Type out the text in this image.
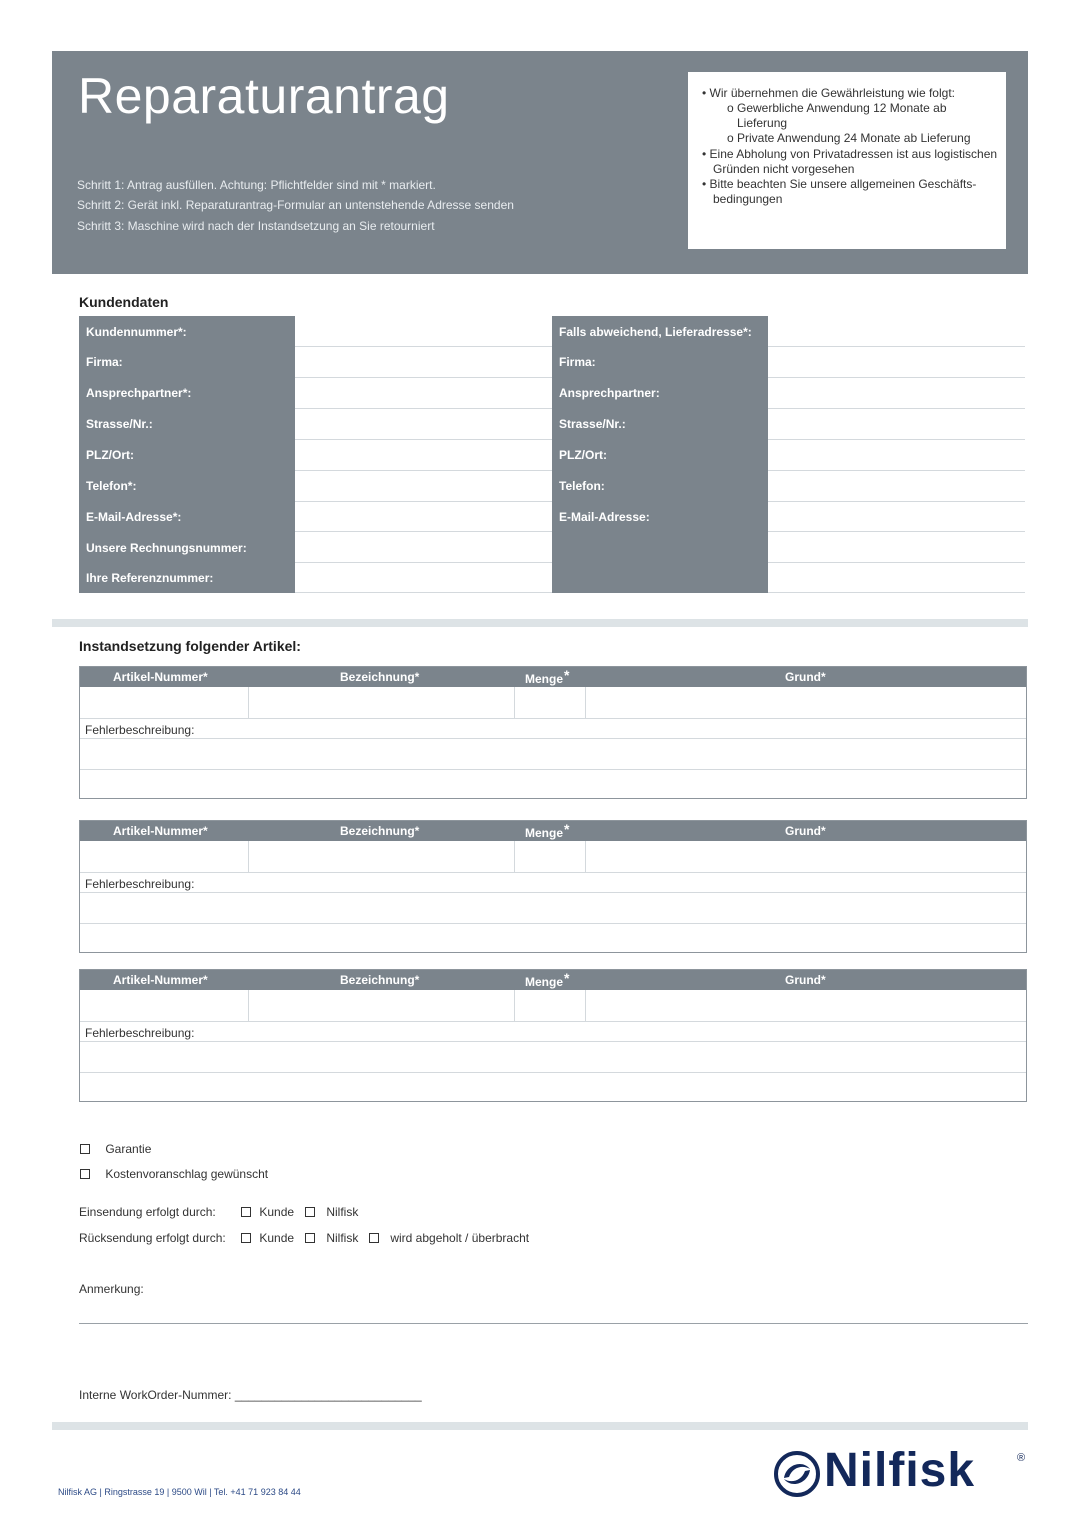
Reparaturantrag
Schritt 1: Antrag ausfüllen. Achtung: Pflichtfelder sind mit * markiert.
Schritt 2: Gerät inkl. Reparaturantrag-Formular an untenstehende Adresse senden
Schritt 3: Maschine wird nach der Instandsetzung an Sie retourniert
• Wir übernehmen die Gewährleistung wie folgt:
o Gewerbliche Anwendung 12 Monate ab
Lieferung
o Private Anwendung 24 Monate ab Lieferung
• Eine Abholung von Privatadressen ist aus logistischen
Gründen nicht vorgesehen
• Bitte beachten Sie unsere allgemeinen Geschäfts-
bedingungen
Kundendaten
Kundennummer*:
Firma:
Ansprechpartner*:
Strasse/Nr.:
PLZ/Ort:
Telefon*:
E-Mail-Adresse*:
Unsere Rechnungsnummer:
Ihre Referenznummer:
Falls abweichend, Lieferadresse*:
Firma:
Ansprechpartner:
Strasse/Nr.:
PLZ/Ort:
Telefon:
E-Mail-Adresse:
Instandsetzung folgender Artikel:
Artikel-Nummer*	Bezeichnung*	Menge*	Grund*
Fehlerbeschreibung:
Artikel-Nummer*	Bezeichnung*	Menge*	Grund*
Fehlerbeschreibung:
Artikel-Nummer*	Bezeichnung*	Menge*	Grund*
Fehlerbeschreibung:
Garantie
Kostenvoranschlag gewünscht
Einsendung erfolgt durch:	Kunde	Nilfisk
Rücksendung erfolgt durch:	Kunde	Nilfisk	wird abgeholt / überbracht
Anmerkung:
Interne WorkOrder-Nummer: ____________________________
Nilfisk AG | Ringstrasse 19 | 9500 Wil | Tel. +41 71 923 84 44	Nilfisk	®
